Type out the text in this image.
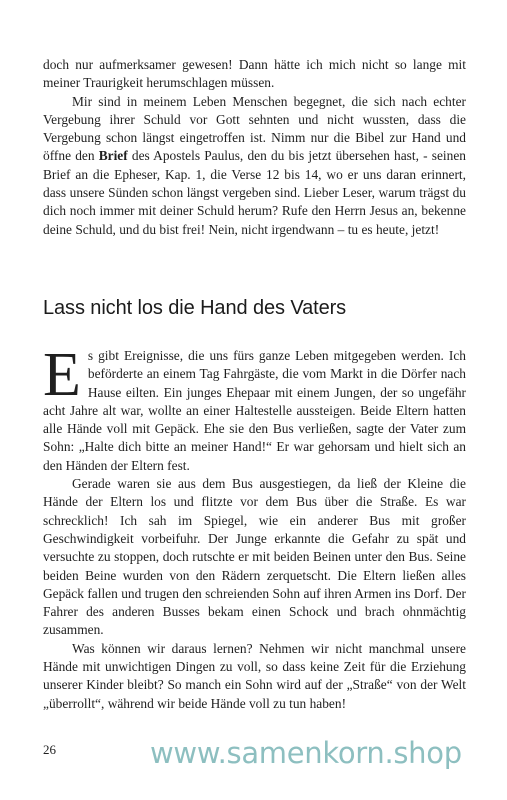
doch nur aufmerksamer gewesen! Dann hätte ich mich nicht so lange mit meiner Traurigkeit herumschlagen müssen.

Mir sind in meinem Leben Menschen begegnet, die sich nach echter Vergebung ihrer Schuld vor Gott sehnten und nicht wussten, dass die Vergebung schon längst eingetroffen ist. Nimm nur die Bibel zur Hand und öffne den Brief des Apostels Paulus, den du bis jetzt übersehen hast, - seinen Brief an die Epheser, Kap. 1, die Verse 12 bis 14, wo er uns daran erinnert, dass unsere Sünden schon längst vergeben sind. Lieber Leser, warum trägst du dich noch immer mit deiner Schuld herum? Rufe den Herrn Jesus an, bekenne deine Schuld, und du bist frei! Nein, nicht irgendwann – tu es heute, jetzt!

Lass nicht los die Hand des Vaters

Es gibt Ereignisse, die uns fürs ganze Leben mitgegeben werden. Ich beförderte an einem Tag Fahrgäste, die vom Markt in die Dörfer nach Hause eilten. Ein junges Ehepaar mit einem Jungen, der so ungefähr acht Jahre alt war, wollte an einer Haltestelle aussteigen. Beide Eltern hatten alle Hände voll mit Gepäck. Ehe sie den Bus verließen, sagte der Vater zum Sohn: „Halte dich bitte an meiner Hand!“ Er war gehorsam und hielt sich an den Händen der Eltern fest.

Gerade waren sie aus dem Bus ausgestiegen, da ließ der Kleine die Hände der Eltern los und flitzte vor dem Bus über die Straße. Es war schrecklich! Ich sah im Spiegel, wie ein anderer Bus mit großer Geschwindigkeit vorbeifuhr. Der Junge erkannte die Gefahr zu spät und versuchte zu stoppen, doch rutschte er mit beiden Beinen unter den Bus. Seine beiden Beine wurden von den Rädern zerquetscht. Die Eltern ließen alles Gepäck fallen und trugen den schreienden Sohn auf ihren Armen ins Dorf. Der Fahrer des anderen Busses bekam einen Schock und brach ohnmächtig zusammen.

Was können wir daraus lernen? Nehmen wir nicht manchmal unsere Hände mit unwichtigen Dingen zu voll, so dass keine Zeit für die Erziehung unserer Kinder bleibt? So manch ein Sohn wird auf der „Straße“ von der Welt „überrollt“, während wir beide Hände voll zu tun haben!

26	www.samenkorn.shop
